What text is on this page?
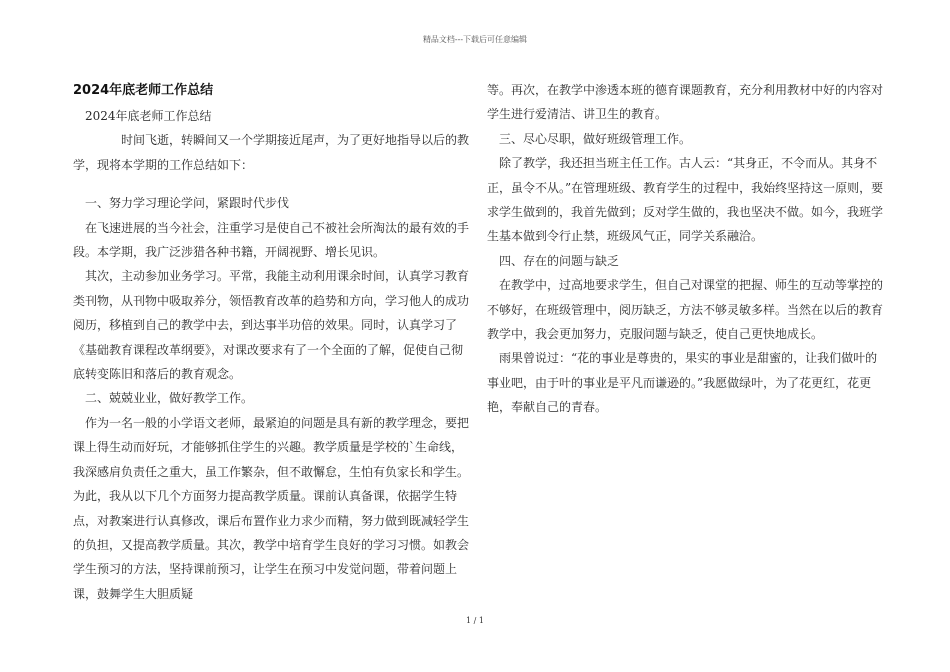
精品文档---下载后可任意编辑
2024年底老师工作总结

2024年底老师工作总结

时间飞逝，转瞬间又一个学期接近尾声，为了更好地指导以后的教学，现将本学期的工作总结如下：

一、努力学习理论学问，紧跟时代步伐

在飞速进展的当今社会，注重学习是使自己不被社会所淘汰的最有效的手段。本学期，我广泛涉猎各种书籍，开阔视野、增长见识。

其次，主动参加业务学习。平常，我能主动利用课余时间，认真学习教育类刊物，从刊物中吸取养分，领悟教育改革的趋势和方向，学习他人的成功阅历，移植到自己的教学中去，到达事半功倍的效果。同时，认真学习了《基础教育课程改革纲要》，对课改要求有了一个全面的了解，促使自己彻底转变陈旧和落后的教育观念。

二、兢兢业业，做好教学工作。

作为一名一般的小学语文老师，最紧迫的问题是具有新的教学理念，要把课上得生动而好玩，才能够抓住学生的兴趣。教学质量是学校的`生命线，我深感肩负责任之重大，虽工作繁杂，但不敢懈怠，生怕有负家长和学生。为此，我从以下几个方面努力提高教学质量。课前认真备课，依据学生特点，对教案进行认真修改，课后布置作业力求少而精，努力做到既减轻学生的负担，又提高教学质量。其次，教学中培育学生良好的学习习惯。如教会学生预习的方法，坚持课前预习，让学生在预习中发觉问题，带着问题上课，鼓舞学生大胆质疑

等。再次，在教学中渗透本班的德育课题教育，充分利用教材中好的内容对学生进行爱清洁、讲卫生的教育。

三、尽心尽职，做好班级管理工作。

除了教学，我还担当班主任工作。古人云：“其身正，不令而从。其身不正，虽令不从。”在管理班级、教育学生的过程中，我始终坚持这一原则，要求学生做到的，我首先做到；反对学生做的，我也坚决不做。如今，我班学生基本做到令行止禁，班级风气正，同学关系融洽。

四、存在的问题与缺乏

在教学中，过高地要求学生，但自己对课堂的把握、师生的互动等掌控的不够好，在班级管理中，阅历缺乏，方法不够灵敏多样。当然在以后的教育教学中，我会更加努力，克服问题与缺乏，使自己更快地成长。

雨果曾说过：“花的事业是尊贵的，果实的事业是甜蜜的，让我们做叶的事业吧，由于叶的事业是平凡而谦逊的。”我愿做绿叶，为了花更红，花更艳，奉献自己的青春。

1 / 1
